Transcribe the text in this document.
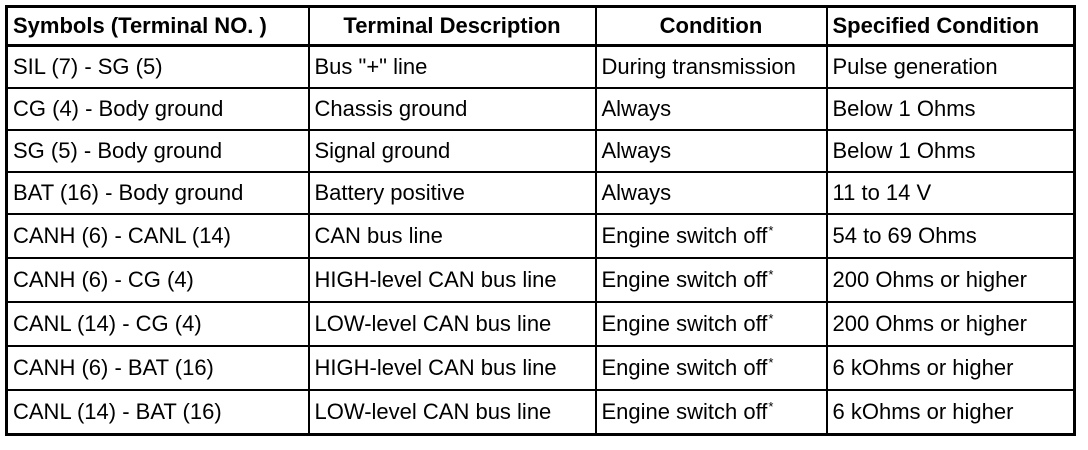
Symbols (Terminal NO. )	Terminal Description	Condition	Specified Condition
SIL (7) - SG (5)	Bus "+" line	During transmission	Pulse generation
CG (4) - Body ground	Chassis ground	Always	Below 1 Ohms
SG (5) - Body ground	Signal ground	Always	Below 1 Ohms
BAT (16) - Body ground	Battery positive	Always	11 to 14 V
CANH (6) - CANL (14)	CAN bus line	Engine switch off*	54 to 69 Ohms
CANH (6) - CG (4)	HIGH-level CAN bus line	Engine switch off*	200 Ohms or higher
CANL (14) - CG (4)	LOW-level CAN bus line	Engine switch off*	200 Ohms or higher
CANH (6) - BAT (16)	HIGH-level CAN bus line	Engine switch off*	6 kOhms or higher
CANL (14) - BAT (16)	LOW-level CAN bus line	Engine switch off*	6 kOhms or higher
